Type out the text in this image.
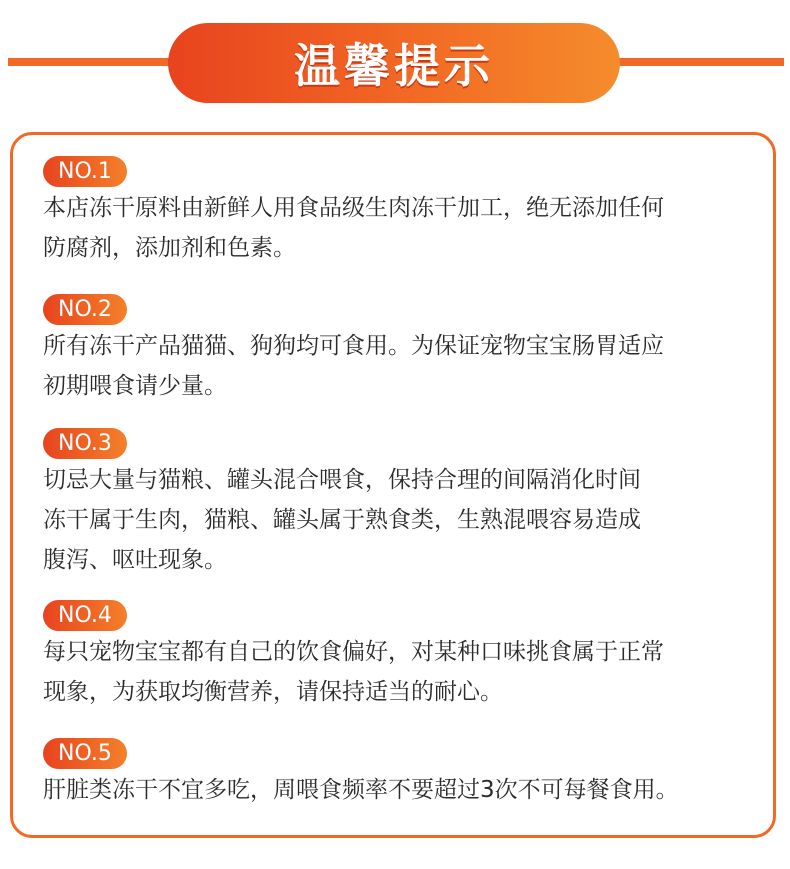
温馨提示
NO.1
本店冻干原料由新鲜人用食品级生肉冻干加工，绝无添加任何
防腐剂，添加剂和色素。
NO.2
所有冻干产品猫猫、狗狗均可食用。为保证宠物宝宝肠胃适应
初期喂食请少量。
NO.3
切忌大量与猫粮、罐头混合喂食，保持合理的间隔消化时间
冻干属于生肉，猫粮、罐头属于熟食类，生熟混喂容易造成
腹泻、呕吐现象。
NO.4
每只宠物宝宝都有自己的饮食偏好，对某种口味挑食属于正常
现象，为获取均衡营养，请保持适当的耐心。
NO.5
肝脏类冻干不宜多吃，周喂食频率不要超过3次不可每餐食用。
